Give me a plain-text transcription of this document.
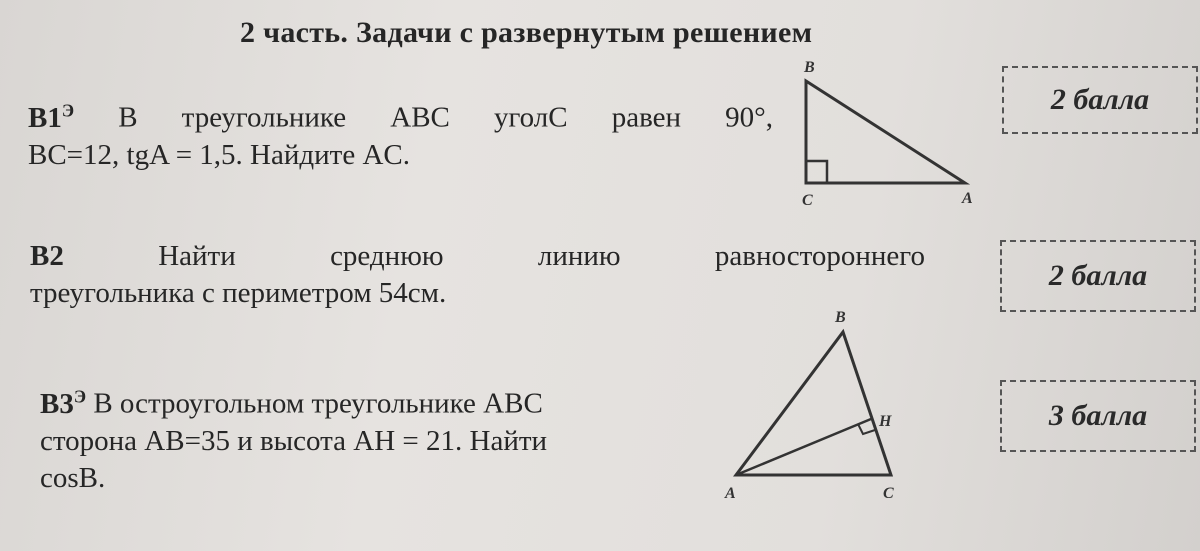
2 часть. Задачи с развернутым решением
$B1^Э$ В треугольнике ABC уголC равен 90°,
BC=12, tgA = 1,5. Найдите AC.
B
C	A
2 балла
B2	Найти	среднюю	линию	равностороннего
треугольника с периметром 54см.
2 балла
$B3^Э$ В остроугольном треугольнике ABC
сторона AB=35 и высота AH = 21. Найти
cosB.
B
H
A	C
3 балла
